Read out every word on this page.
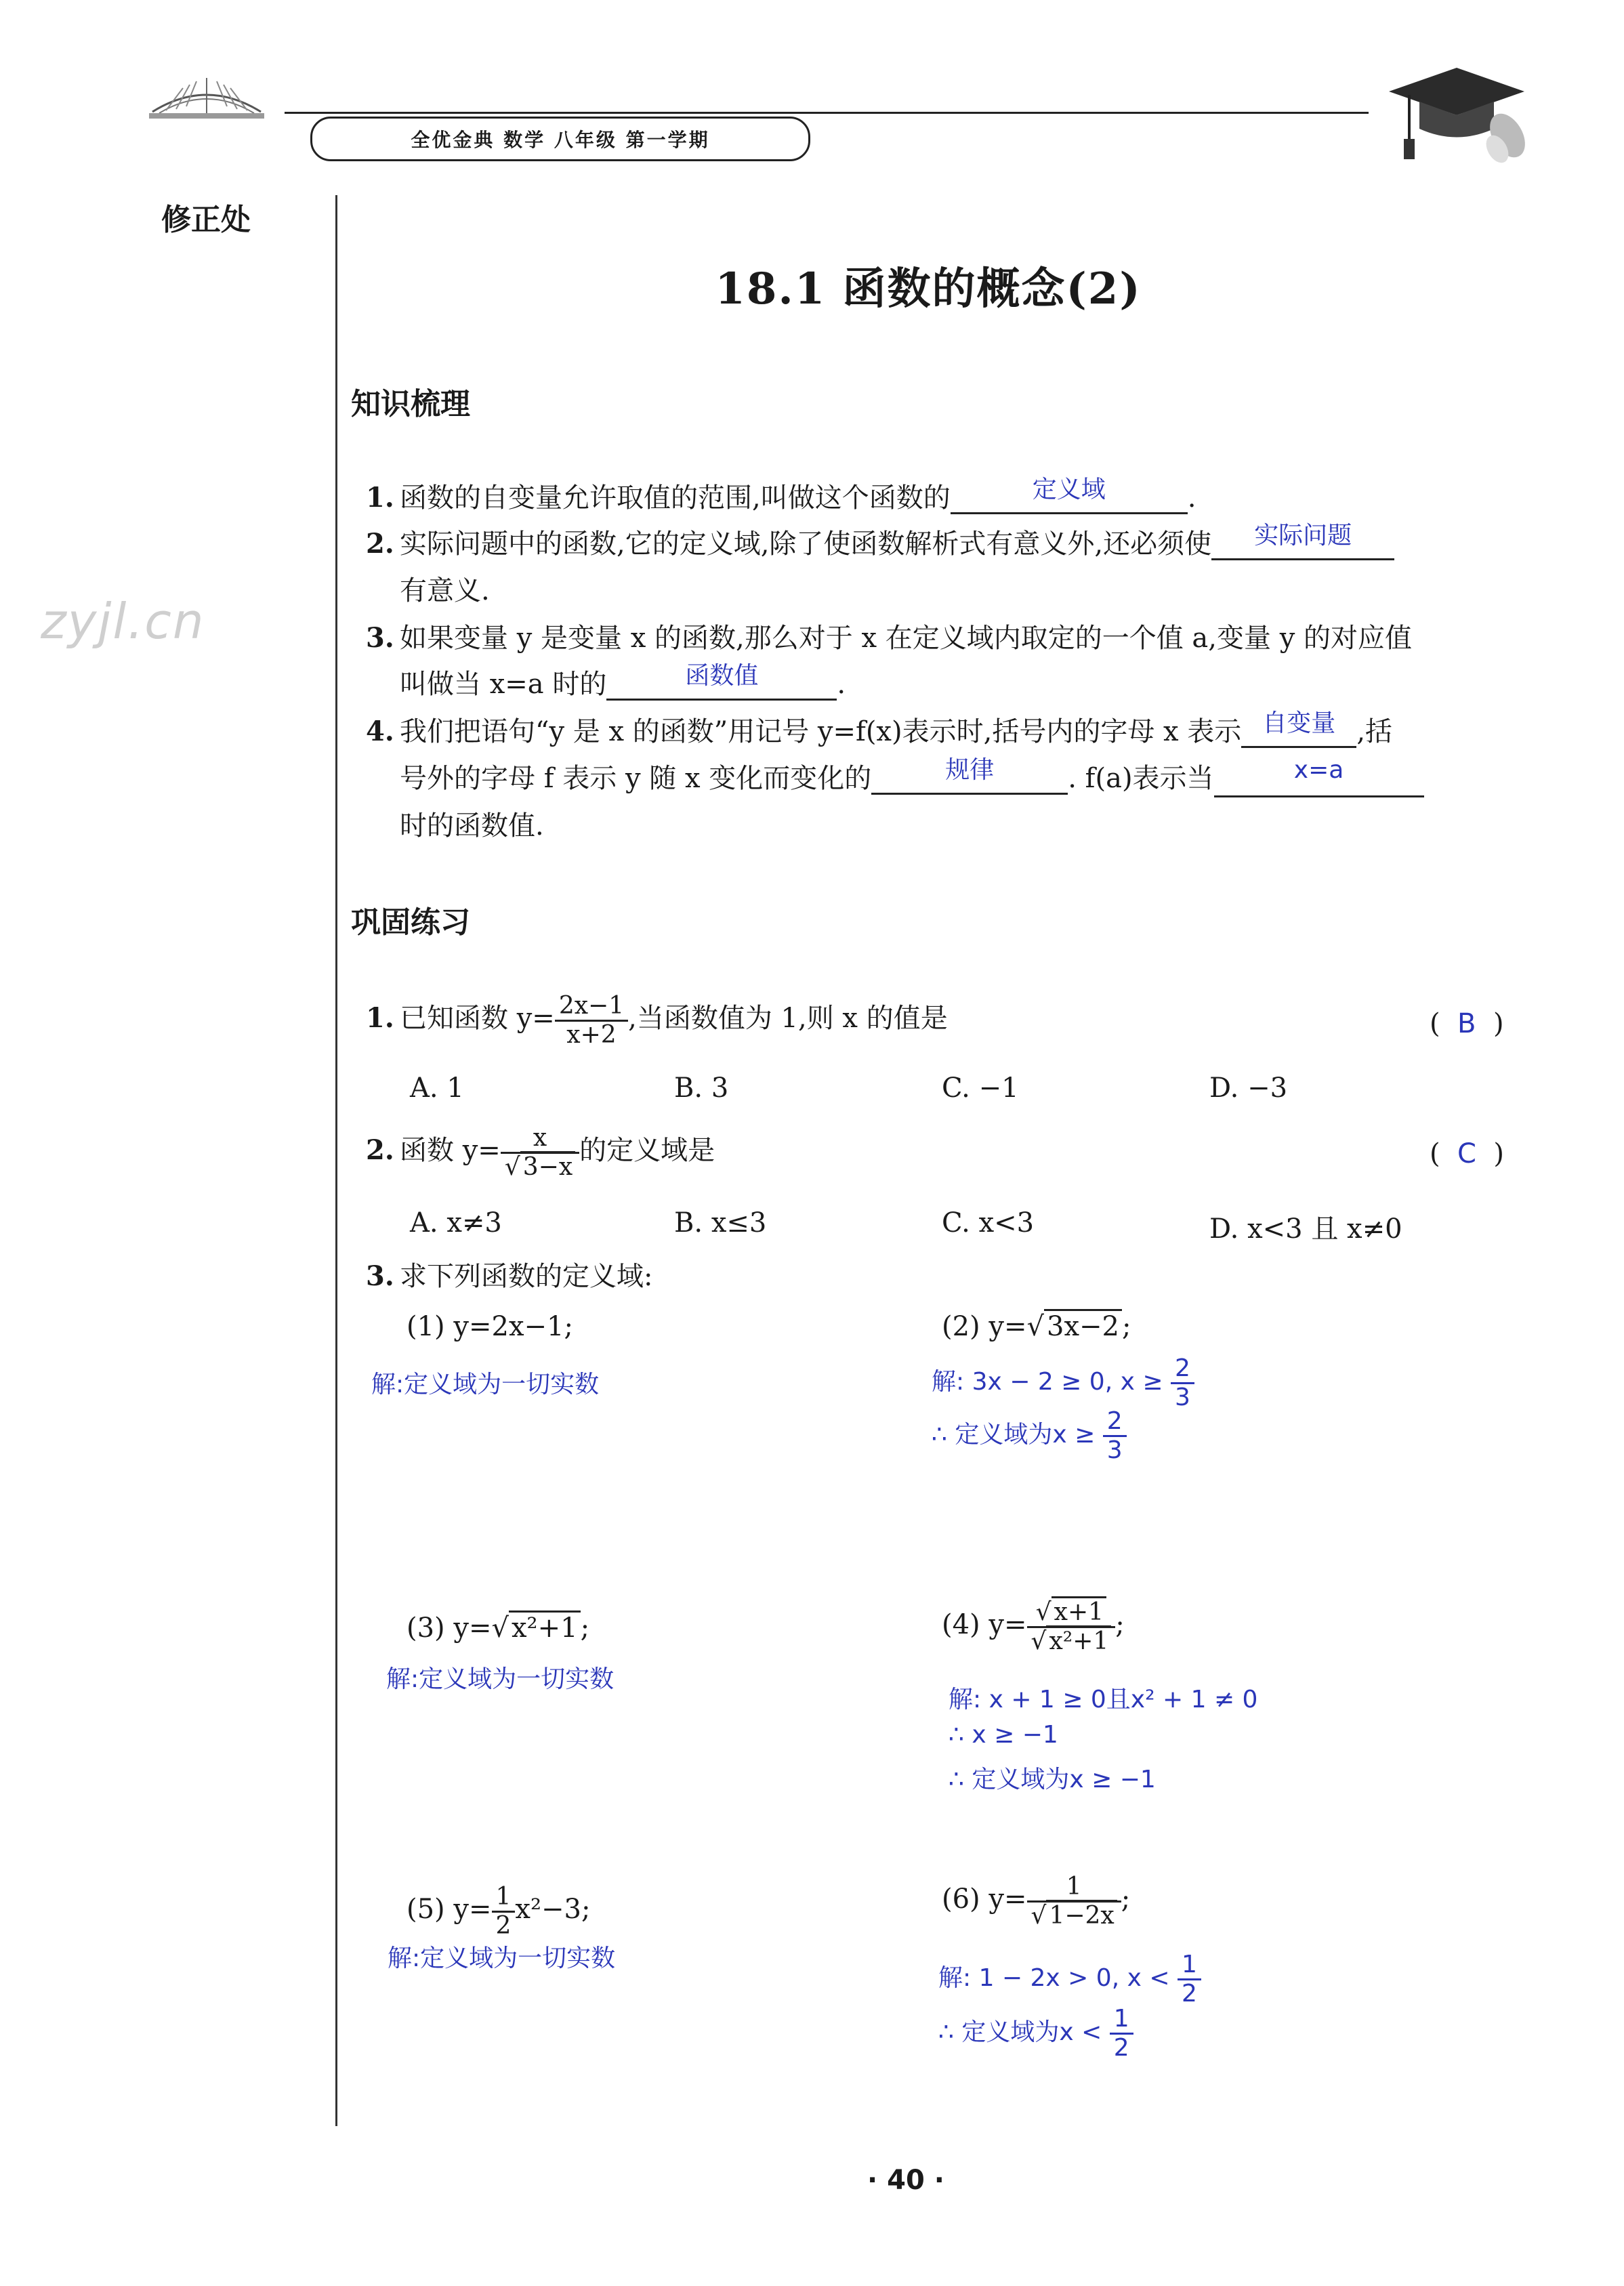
全优金典 数学 八年级 第一学期
修正处
zyjl.cn
18.1 函数的概念(2)
知识梳理
1. 函数的自变量允许取值的范围,叫做这个函数的	定义域	.
2. 实际问题中的函数,它的定义域,除了使函数解析式有意义外,还必须使 实际问题
有意义.
3. 如果变量 y 是变量 x 的函数,那么对于 x 在定义域内取定的一个值 a,变量 y 的对应值
叫做当 x=a 时的	函数值	.
4. 我们把语句“y 是 x 的函数”用记号 y=f(x)表示时,括号内的字母 x 表示 自变量 ,括
号外的字母 f 表示 y 随 x 变化而变化的	规律	. f(a)表示当	x=a
时的函数值.
巩固练习
1. 已知函数 $y= \frac{2x-1}{x+2}$ ,当函数值为 1,则 x 的值是	( B )
A. 1	B. 3	C. −1	D. −3
2. 函数 $y= \frac{x}{√ 3-x}$ 的定义域是	( C )
A. x≠3	B. x≤3	C. x<3	D. x<3 且 x≠0
3. 求下列函数的定义域:
(1) y=2x−1;
解:定义域为一切实数
(2) y=√ 3x−2 ;
解: 3x − 2 ≥ 0, $x \ge \frac{2}{3}$
∴ 定义域为$x \ge \frac{2}{3}$
(3) y=√ x²+1 ;
解:定义域为一切实数
(4) $y= \frac{√ x+1}{\text{√ x²+1}}$ ;
解: x + 1 ≥ 0且x² + 1 ≠ 0
∴ x ≥ −1
∴ 定义域为x ≥ −1
(5) $y= \frac{1}{2} x^2-3$;
解:定义域为一切实数
(6) $y= \frac{1}{√ 1-2x}$ ;
解: 1 − 2x > 0, $x < \frac{1}{2}$
∴ 定义域为$x < \frac{1}{2}$
· 40 ·
